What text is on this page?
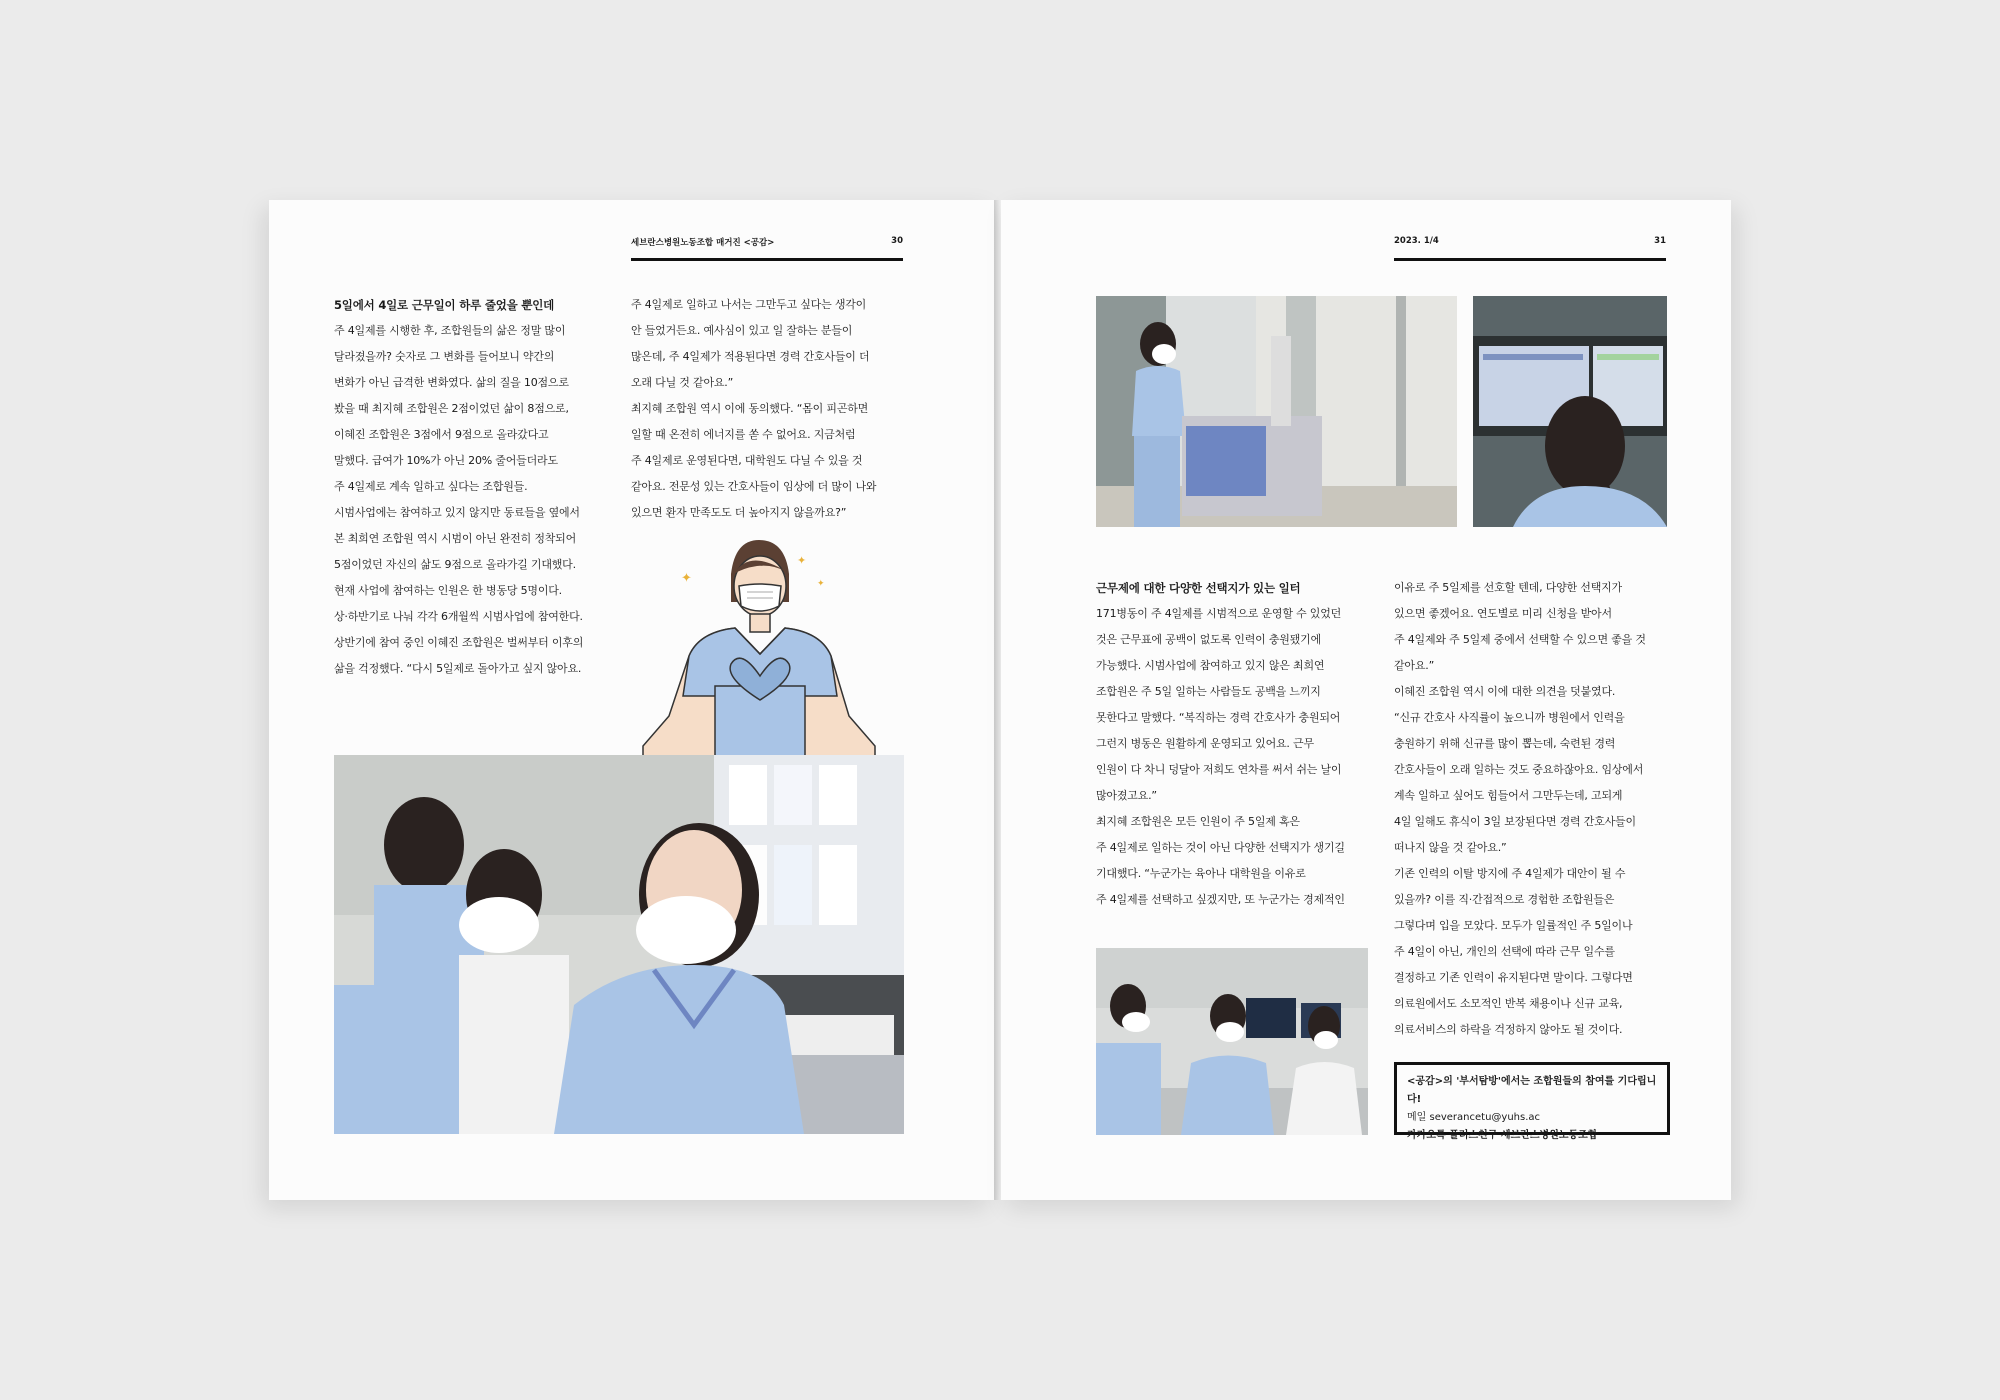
세브란스병원노동조합 매거진 <공감>	30

5일에서 4일로 근무일이 하루 줄었을 뿐인데

주 4일제를 시행한 후, 조합원들의 삶은 정말 많이

달라졌을까? 숫자로 그 변화를 들어보니 약간의

변화가 아닌 급격한 변화였다. 삶의 질을 10점으로

봤을 때 최지혜 조합원은 2점이었던 삶이 8점으로,

이혜진 조합원은 3점에서 9점으로 올라갔다고

말했다. 급여가 10%가 아닌 20% 줄어들더라도

주 4일제로 계속 일하고 싶다는 조합원들.

시범사업에는 참여하고 있지 않지만 동료들을 옆에서

본 최희연 조합원 역시 시범이 아닌 완전히 정착되어

5점이었던 자신의 삶도 9점으로 올라가길 기대했다.

현재 사업에 참여하는 인원은 한 병동당 5명이다.

상·하반기로 나눠 각각 6개월씩 시범사업에 참여한다.

상반기에 참여 중인 이혜진 조합원은 벌써부터 이후의

삶을 걱정했다. “다시 5일제로 돌아가고 싶지 않아요.

주 4일제로 일하고 나서는 그만두고 싶다는 생각이

안 들었거든요. 예사심이 있고 일 잘하는 분들이

많은데, 주 4일제가 적용된다면 경력 간호사들이 더

오래 다닐 것 같아요.”

최지혜 조합원 역시 이에 동의했다. “몸이 피곤하면

일할 때 온전히 에너지를 쏟 수 없어요. 지금처럼

주 4일제로 운영된다면, 대학원도 다닐 수 있을 것

같아요. 전문성 있는 간호사들이 임상에 더 많이 나와

있으면 환자 만족도도 더 높아지지 않을까요?”

✦
✦
✦
2023. 1/4	31

근무제에 대한 다양한 선택지가 있는 일터

171병동이 주 4일제를 시범적으로 운영할 수 있었던

것은 근무표에 공백이 없도록 인력이 충원됐기에

가능했다. 시범사업에 참여하고 있지 않은 최희연

조합원은 주 5일 일하는 사람들도 공백을 느끼지

못한다고 말했다. “복직하는 경력 간호사가 충원되어

그런지 병동은 원활하게 운영되고 있어요. 근무

인원이 다 차니 덩달아 저희도 연차를 써서 쉬는 날이

많아졌고요.”

최지혜 조합원은 모든 인원이 주 5일제 혹은

주 4일제로 일하는 것이 아닌 다양한 선택지가 생기길

기대했다. “누군가는 육아나 대학원을 이유로

주 4일제를 선택하고 싶겠지만, 또 누군가는 경제적인

이유로 주 5일제를 선호할 텐데, 다양한 선택지가

있으면 좋겠어요. 연도별로 미리 신청을 받아서

주 4일제와 주 5일제 중에서 선택할 수 있으면 좋을 것

같아요.”

이혜진 조합원 역시 이에 대한 의견을 덧붙였다.

“신규 간호사 사직률이 높으니까 병원에서 인력을

충원하기 위해 신규를 많이 뽑는데, 숙련된 경력

간호사들이 오래 일하는 것도 중요하잖아요. 임상에서

계속 일하고 싶어도 힘들어서 그만두는데, 고되게

4일 일해도 휴식이 3일 보장된다면 경력 간호사들이

떠나지 않을 것 같아요.”

기존 인력의 이탈 방지에 주 4일제가 대안이 될 수

있을까? 이를 직·간접적으로 경험한 조합원들은

그렇다며 입을 모았다. 모두가 일률적인 주 5일이나

주 4일이 아닌, 개인의 선택에 따라 근무 일수를

결정하고 기존 인력이 유지된다면 말이다. 그렇다면

의료원에서도 소모적인 반복 채용이나 신규 교육,

의료서비스의 하락을 걱정하지 않아도 될 것이다.

<공감>의 '부서탐방'에서는 조합원들의 참여를 기다립니다!
메일 severancetu@yuhs.ac
카카오톡 플러스친구 세브란스병원노동조합
